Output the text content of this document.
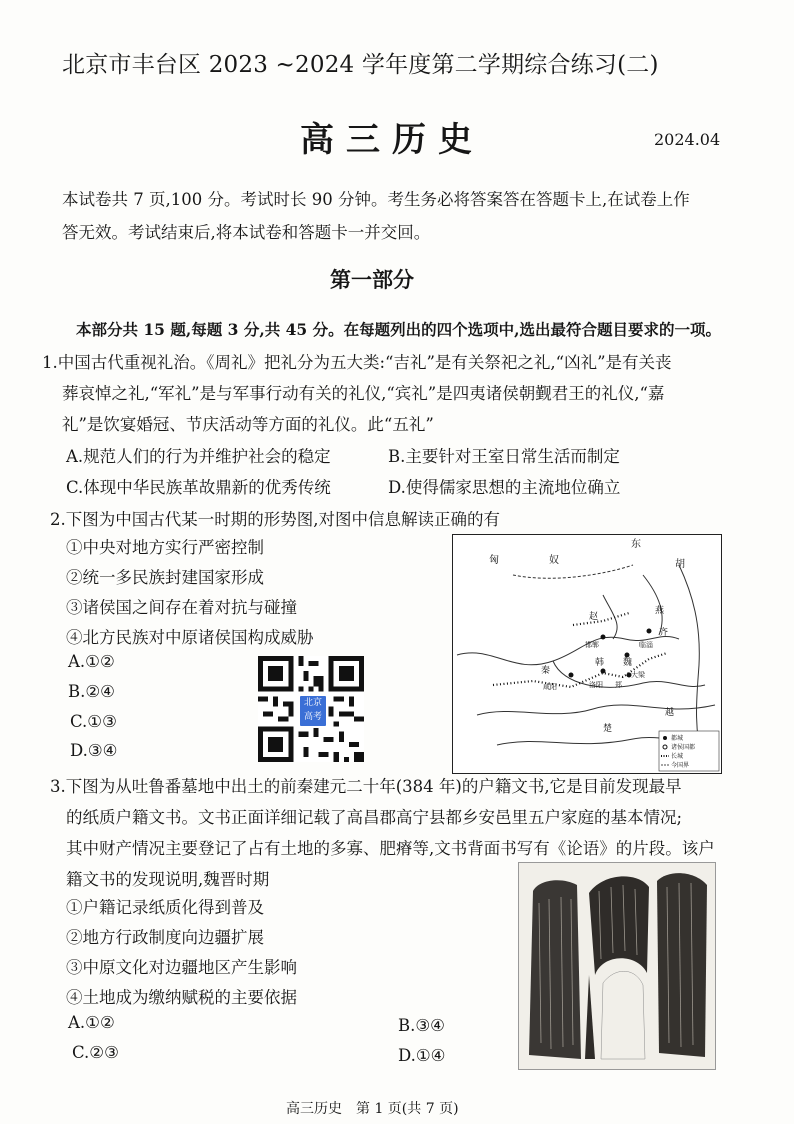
北京市丰台区 2023 ~2024 学年度第二学期综合练习(二)
高三历史	2024.04
本试卷共 7 页,100 分。考试时长 90 分钟。考生务必将答案答在答题卡上,在试卷上作
答无效。考试结束后,将本试卷和答题卡一并交回。
第一部分
本部分共 15 题,每题 3 分,共 45 分。在每题列出的四个选项中,选出最符合题目要求的一项。
1.中国古代重视礼治。《周礼》把礼分为五大类:“吉礼”是有关祭祀之礼,“凶礼”是有关丧
葬哀悼之礼,“军礼”是与军事行动有关的礼仪,“宾礼”是四夷诸侯朝觐君王的礼仪,“嘉
礼”是饮宴婚冠、节庆活动等方面的礼仪。此“五礼”
A.规范人们的行为并维护社会的稳定	B.主要针对王室日常生活而制定
C.体现中华民族革故鼎新的优秀传统	D.使得儒家思想的主流地位确立
2.下图为中国古代某一时期的形势图,对图中信息解读正确的有
①中央对地方实行严密控制
②统一多民族封建国家形成
③诸侯国之间存在着对抗与碰撞
④北方民族对中原诸侯国构成威胁
A.①②
B.②④
C.①③
D.③④
北京高考
匈	奴
东
胡
燕
赵
邯郸
齐
临淄
秦
咸阳	洛阳
韩 魏
大梁
郑
楚
越
都城
诸侯国都
长城
今国界
3.下图为从吐鲁番墓地中出土的前秦建元二十年(384 年)的户籍文书,它是目前发现最早
的纸质户籍文书。文书正面详细记载了高昌郡高宁县都乡安邑里五户家庭的基本情况;
其中财产情况主要登记了占有土地的多寡、肥瘠等,文书背面书写有《论语》的片段。该户
籍文书的发现说明,魏晋时期
①户籍记录纸质化得到普及
②地方行政制度向边疆扩展
③中原文化对边疆地区产生影响
④土地成为缴纳赋税的主要依据
A.①②	B.③④
C.②③	D.①④
高三历史　第 1 页(共 7 页)
